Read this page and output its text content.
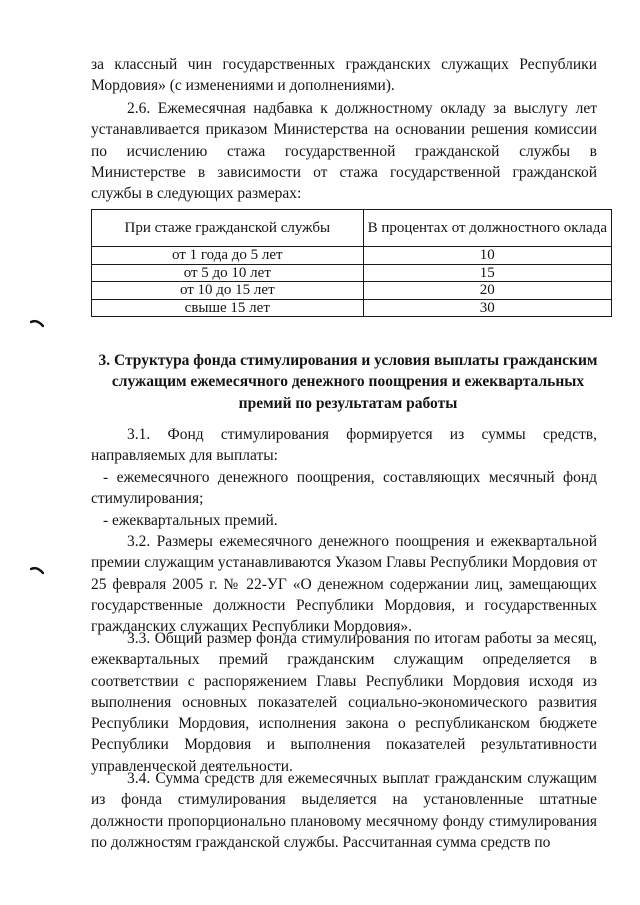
за классный чин государственных гражданских служащих Республики Мордовия» (с изменениями и дополнениями).

2.6. Ежемесячная надбавка к должностному окладу за выслугу лет устанавливается приказом Министерства на основании решения комиссии по исчислению стажа государственной гражданской службы в Министерстве в зависимости от стажа государственной гражданской службы в следующих размерах:

При стаже гражданской службы	В процентах от должностного оклада
от 1 года до 5 лет	10
от 5 до 10 лет	15
от 10 до 15 лет	20
свыше 15 лет	30
3. Структура фонда стимулирования и условия выплаты гражданским служащим ежемесячного денежного поощрения и ежеквартальных премий по результатам работы

3.1. Фонд стимулирования формируется из суммы средств, направляемых для выплаты:

- ежемесячного денежного поощрения, составляющих месячный фонд стимулирования;

- ежеквартальных премий.

3.2. Размеры ежемесячного денежного поощрения и ежеквартальной премии служащим устанавливаются Указом Главы Республики Мордовия от 25 февраля 2005 г. № 22-УГ «О денежном содержании лиц, замещающих государственные должности Республики Мордовия, и государственных гражданских служащих Республики Мордовия».

3.3. Общий размер фонда стимулирования по итогам работы за месяц, ежеквартальных премий гражданским служащим определяется в соответствии с распоряжением Главы Республики Мордовия исходя из выполнения основных показателей социально-экономического развития Республики Мордовия, исполнения закона о республиканском бюджете Республики Мордовия и выполнения показателей результативности управленческой деятельности.

3.4. Сумма средств для ежемесячных выплат гражданским служащим из фонда стимулирования выделяется на установленные штатные должности пропорционально плановому месячному фонду стимулирования по должностям гражданской службы. Рассчитанная сумма средств по
